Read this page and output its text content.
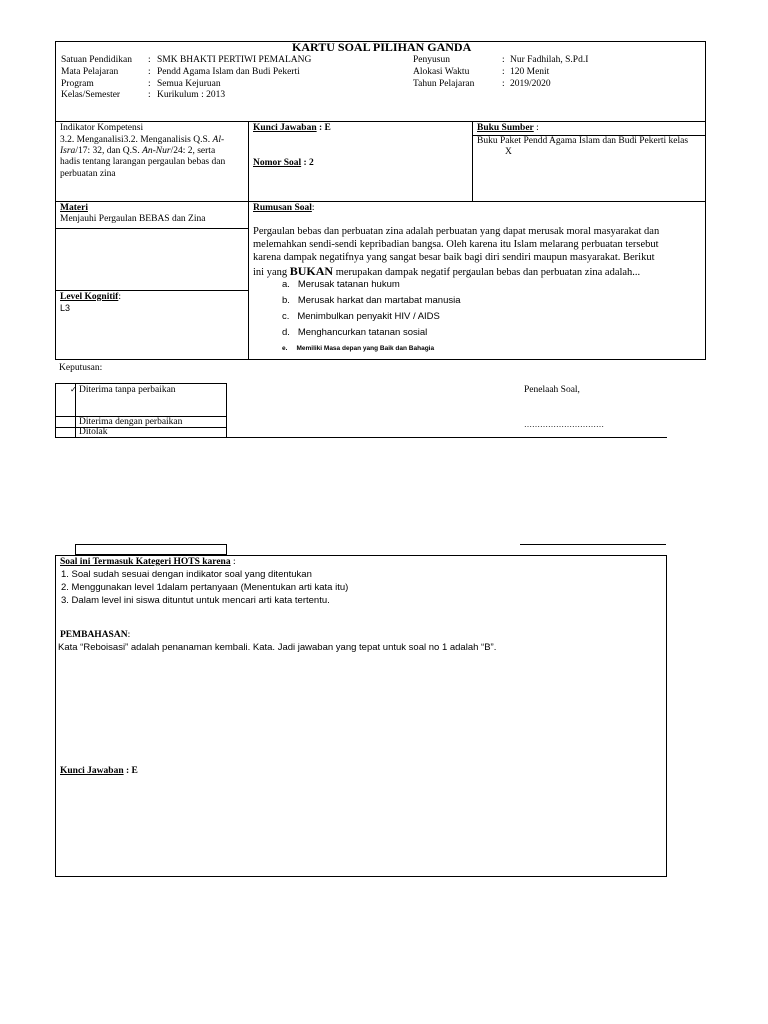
KARTU SOAL PILIHAN GANDA
Satuan Pendidikan : SMK BHAKTI PERTIWI PEMALANG
Mata Pelajaran	: Pendd Agama Islam dan Budi Pekerti
Program	: Semua Kejuruan
Kelas/Semester	: Kurikulum : 2013
Penyusun	: Nur Fadhilah, S.Pd.I
Alokasi Waktu	: 120 Menit
Tahun Pelajaran	: 2019/2020
Indikator Kompetensi
3.2. Menganalisi3.2. Menganalisis Q.S. Al-
Isra/17: 32, dan Q.S. An-Nur/24: 2, serta
hadis tentang larangan pergaulan bebas dan
perbuatan zina
Kunci Jawaban : E
Nomor Soal : 2
Buku Sumber :
Buku Paket Pendd Agama Islam dan Budi Pekerti kelas
X
Materi
Menjauhi Pergaulan BEBAS dan Zina
Level Kognitif:
L3
Rumusan Soal:
Pergaulan bebas dan perbuatan zina adalah perbuatan yang dapat merusak moral masyarakat dan
melemahkan sendi-sendi kepribadian bangsa. Oleh karena itu Islam melarang perbuatan tersebut
karena dampak negatifnya yang sangat besar baik bagi diri sendiri maupun masyarakat. Berikut
ini yang BUKAN merupakan dampak negatif pergaulan bebas dan perbuatan zina adalah...
a. Merusak tatanan hukum
b. Merusak harkat dan martabat manusia
c. Menimbulkan penyakit HIV / AIDS
d. Menghancurkan tatanan sosial
e. Memiliki Masa depan yang Baik dan Bahagia
Keputusan:
✓ Diterima tanpa perbaikan
Diterima dengan perbaikan
Ditolak
Penelaah Soal,
…………………………
Soal ini Termasuk Kategeri HOTS karena :
1. Soal sudah sesuai dengan indikator soal yang ditentukan
2. Menggunakan level 1dalam pertanyaan (Menentukan arti kata itu)
3. Dalam level ini siswa dituntut untuk mencari arti kata tertentu.
PEMBAHASAN:
Kata “Reboisasi” adalah penanaman kembali. Kata. Jadi jawaban yang tepat untuk soal no 1 adalah “B”.
Kunci Jawaban : E
